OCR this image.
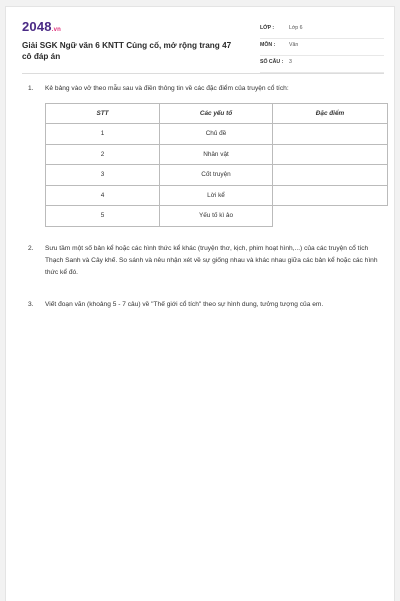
2048.vn
Giải SGK Ngữ văn 6 KNTT Củng cố, mở rộng trang 47 cô đáp án
LỚP :	Lớp 6
MÔN :	Văn
SỐ CÂU : 3
1. Kẻ bảng vào vở theo mẫu sau và điền thông tin về các đặc điểm của truyện cổ tích:
STT	Các yếu tố	Đặc điểm
1	Chủ đề	
2	Nhân vật	
3	Cốt truyện	
4	Lời kể	
5	Yếu tố kì ảo	
2. Sưu tầm một số bản kể hoặc các hình thức kể khác (truyện thơ, kịch, phim hoạt hình,...) của các truyện cổ tích Thạch Sanh và Cây khế. So sánh và nêu nhận xét về sự giống nhau và khác nhau giữa các bản kể hoặc các hình thức kể đó.
3. Viết đoạn văn (khoảng 5 - 7 câu) về "Thế giới cổ tích" theo sự hình dung, tưởng tượng của em.
